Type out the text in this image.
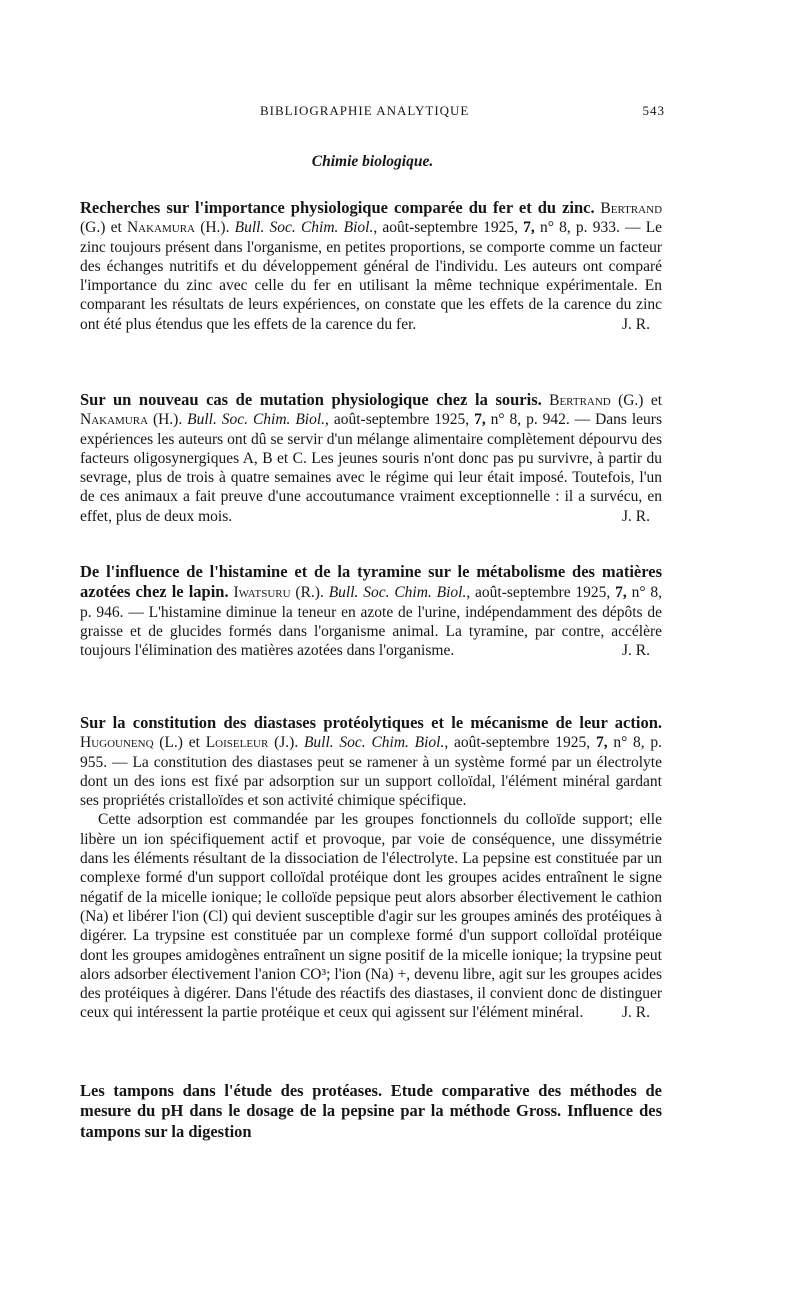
BIBLIOGRAPHIE ANALYTIQUE	543
Chimie biologique.
Recherches sur l'importance physiologique comparée du fer et du zinc. Bertrand (G.) et Nakamura (H.). Bull. Soc. Chim. Biol., août-septembre 1925, 7, n° 8, p. 933. — Le zinc toujours présent dans l'organisme, en petites proportions, se comporte comme un facteur des échanges nutritifs et du développement général de l'individu. Les auteurs ont comparé l'importance du zinc avec celle du fer en utilisant la même technique expérimentale. En comparant les résultats de leurs expériences, on constate que les effets de la carence du zinc ont été plus étendus que les effets de la carence du fer.	J. R.
Sur un nouveau cas de mutation physiologique chez la souris. Bertrand (G.) et Nakamura (H.). Bull. Soc. Chim. Biol., août-septembre 1925, 7, n° 8, p. 942. — Dans leurs expériences les auteurs ont dû se servir d'un mélange alimentaire complètement dépourvu des facteurs oligosynergiques A, B et C. Les jeunes souris n'ont donc pas pu survivre, à partir du sevrage, plus de trois à quatre semaines avec le régime qui leur était imposé. Toutefois, l'un de ces animaux a fait preuve d'une accoutumance vraiment exceptionnelle : il a survécu, en effet, plus de deux mois.	J. R.
De l'influence de l'histamine et de la tyramine sur le métabolisme des matières azotées chez le lapin. Iwatsuru (R.). Bull. Soc. Chim. Biol., août-septembre 1925, 7, n° 8, p. 946. — L'histamine diminue la teneur en azote de l'urine, indépendamment des dépôts de graisse et de glucides formés dans l'organisme animal. La tyramine, par contre, accélère toujours l'élimination des matières azotées dans l'organisme.	J. R.
Sur la constitution des diastases protéolytiques et le mécanisme de leur action. Hugounenq (L.) et Loiseleur (J.). Bull. Soc. Chim. Biol., août-septembre 1925, 7, n° 8, p. 955. — La constitution des diastases peut se ramener à un système formé par un électrolyte dont un des ions est fixé par adsorption sur un support colloïdal, l'élément minéral gardant ses propriétés cristalloïdes et son activité chimique spécifique.
Cette adsorption est commandée par les groupes fonctionnels du colloïde support; elle libère un ion spécifiquement actif et provoque, par voie de conséquence, une dissymétrie dans les éléments résultant de la dissociation de l'électrolyte. La pepsine est constituée par un complexe formé d'un support colloïdal protéique dont les groupes acides entraînent le signe négatif de la micelle ionique; le colloïde pepsique peut alors absorber électivement le cathion (Na) et libérer l'ion (Cl) qui devient susceptible d'agir sur les groupes aminés des protéiques à digérer. La trypsine est constituée par un complexe formé d'un support colloïdal protéique dont les groupes amidogènes entraînent un signe positif de la micelle ionique; la trypsine peut alors adsorber électivement l'anion CO³; l'ion (Na) +, devenu libre, agit sur les groupes acides des protéiques à digérer. Dans l'étude des réactifs des diastases, il convient donc de distinguer ceux qui intéressent la partie protéique et ceux qui agissent sur l'élément minéral.	J. R.
Les tampons dans l'étude des protéases. Etude comparative des méthodes de mesure du pH dans le dosage de la pepsine par la méthode Gross. Influence des tampons sur la digestion
